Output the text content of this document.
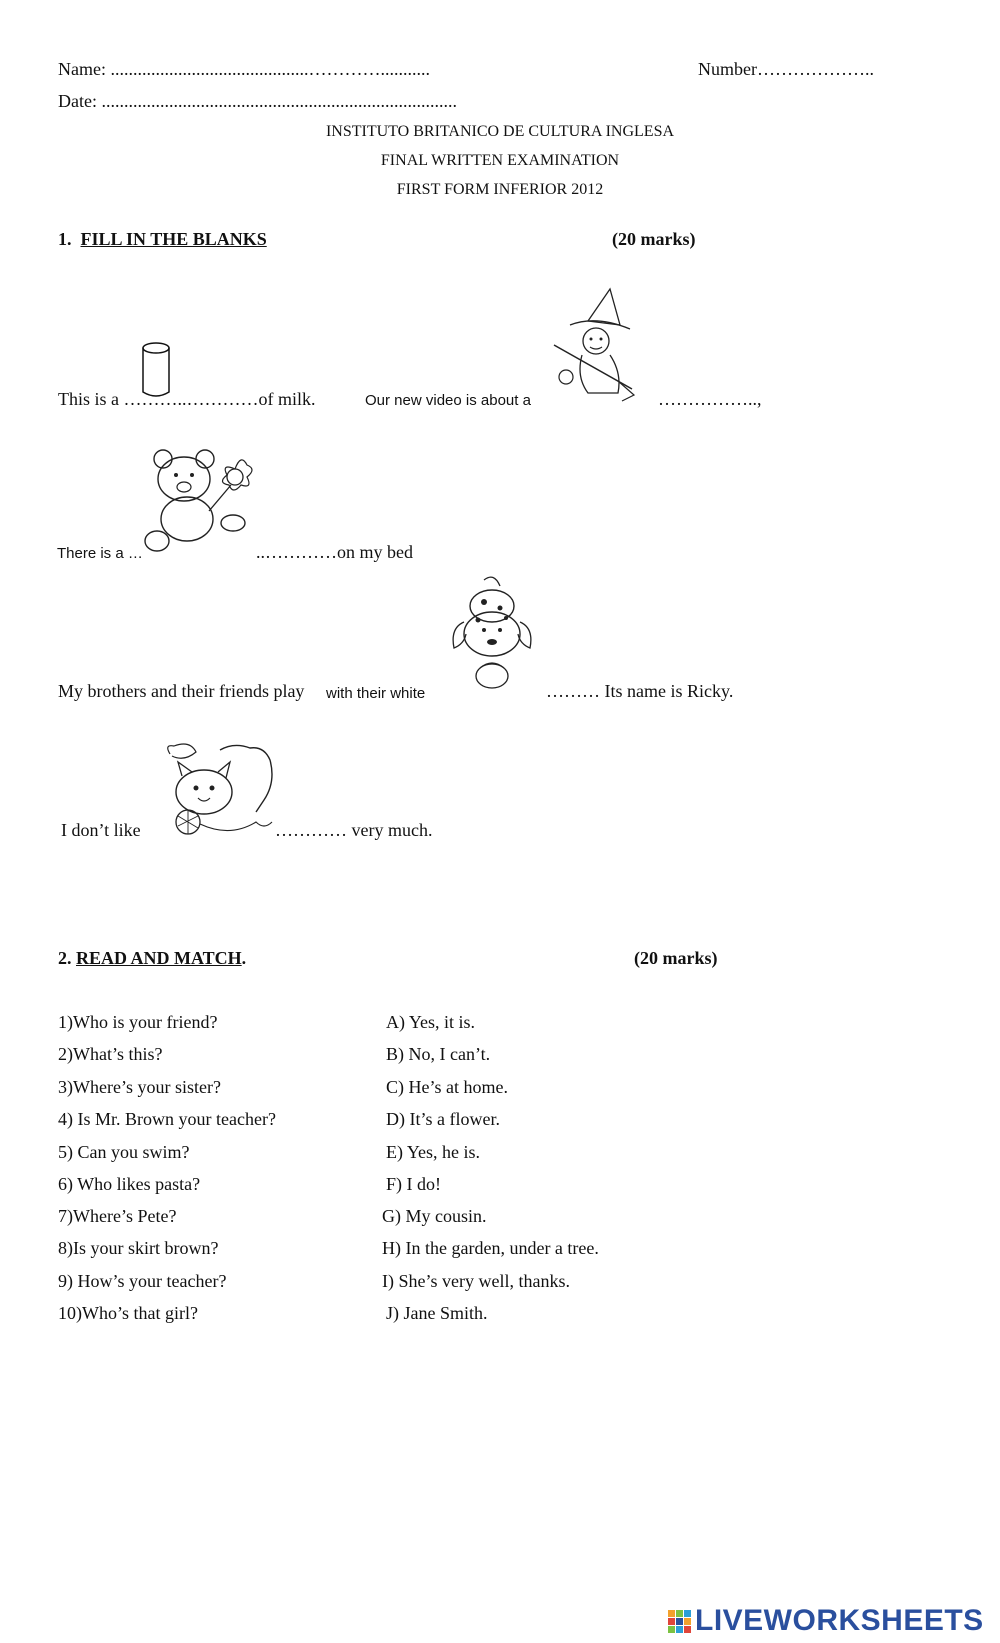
Name: ............................................…………...........	Number………………..
Date: ...............................................................................
INSTITUTO BRITANICO DE CULTURA INGLESA
FINAL WRITTEN EXAMINATION
FIRST FORM INFERIOR 2012
1. FILL IN THE BLANKS	(20 marks)
This is a ………..…………of milk.	Our new video is about a	……………..,
There is a …	..…………on my bed
My brothers and their friends play with their white	……… Its name is Ricky.
I don’t like	………… very much.
2. READ AND MATCH.	(20 marks)
1)Who is your friend?	A) Yes, it is.
2)What’s this?	B) No, I can’t.
3)Where’s your sister?	C) He’s at home.
4) Is Mr. Brown your teacher?	D) It’s a flower.
5) Can you swim?	E) Yes, he is.
6) Who likes pasta?	F) I do!
7)Where’s Pete?	G) My cousin.
8)Is your skirt brown?	H) In the garden, under a tree.
9) How’s your teacher?	I) She’s very well, thanks.
10)Who’s that girl?	J) Jane Smith.
LIVEWORKSHEETS
